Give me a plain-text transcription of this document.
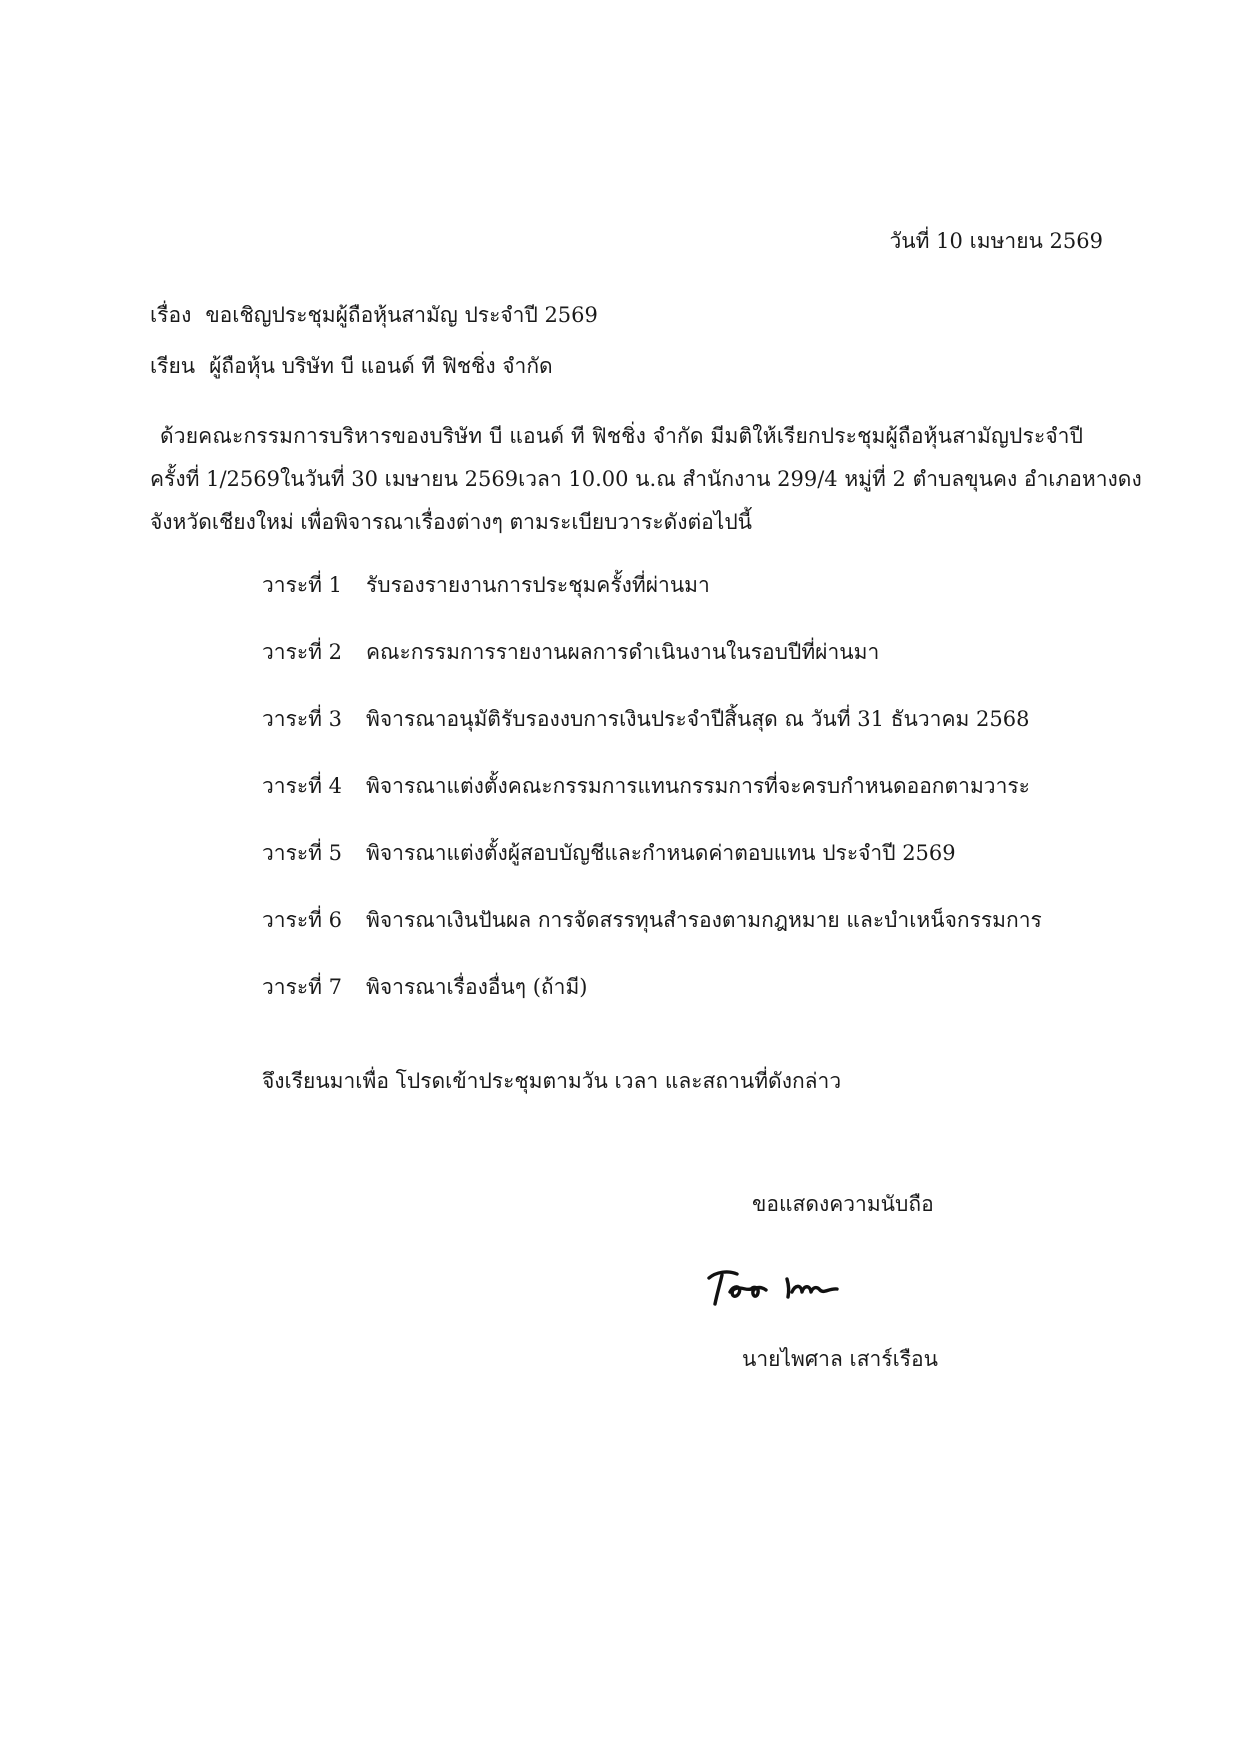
วันที่ 10 เมษายน 2569
เรื่อง ขอเชิญประชุมผู้ถือหุ้นสามัญ ประจำปี 2569
เรียน ผู้ถือหุ้น บริษัท บี แอนด์ ที ฟิชชิ่ง จำกัด

ด้วยคณะกรรมการบริหารของบริษัท บี แอนด์ ที ฟิชชิ่ง จำกัด มีมติให้เรียกประชุมผู้ถือหุ้นสามัญประจำปี

ครั้งที่ 1/2569ในวันที่ 30 เมษายน 2569เวลา 10.00 น.ณ สำนักงาน 299/4 หมู่ที่ 2 ตำบลขุนคง อำเภอหางดง

จังหวัดเชียงใหม่ เพื่อพิจารณาเรื่องต่างๆ ตามระเบียบวาระดังต่อไปนี้

วาระที่ 1 รับรองรายงานการประชุมครั้งที่ผ่านมา
วาระที่ 2 คณะกรรมการรายงานผลการดำเนินงานในรอบปีที่ผ่านมา
วาระที่ 3 พิจารณาอนุมัติรับรองงบการเงินประจำปีสิ้นสุด ณ วันที่ 31 ธันวาคม 2568
วาระที่ 4 พิจารณาแต่งตั้งคณะกรรมการแทนกรรมการที่จะครบกำหนดออกตามวาระ
วาระที่ 5 พิจารณาแต่งตั้งผู้สอบบัญชีและกำหนดค่าตอบแทน ประจำปี 2569
วาระที่ 6 พิจารณาเงินปันผล การจัดสรรทุนสำรองตามกฎหมาย และบำเหน็จกรรมการ
วาระที่ 7 พิจารณาเรื่องอื่นๆ (ถ้ามี)
จึงเรียนมาเพื่อ โปรดเข้าประชุมตามวัน เวลา และสถานที่ดังกล่าว
ขอแสดงความนับถือ
นายไพศาล เสาร์เรือน
